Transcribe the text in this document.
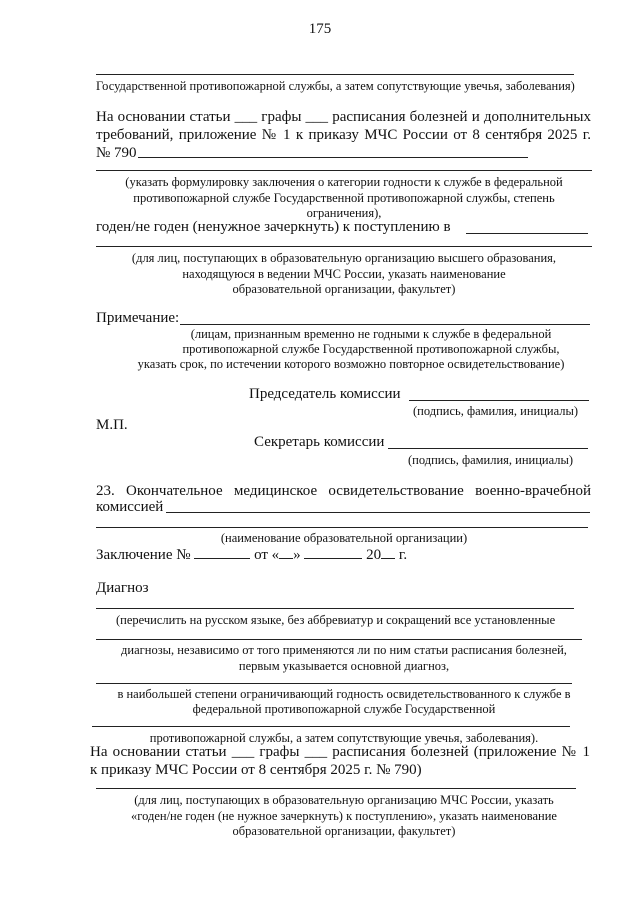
175
Государственной противопожарной службы, а затем сопутствующие увечья, заболевания)
На основании статьи ___ графы ___ расписания болезней и дополнительных
требований, приложение № 1 к приказу МЧС России от 8 сентября 2025 г.
№ 790
(указать формулировку заключения о категории годности к службе в федеральной
противопожарной службе Государственной противопожарной службы, степень
ограничения),
годен/не годен (ненужное зачеркнуть) к поступлению в
(для лиц, поступающих в образовательную организацию высшего образования,
находящуюся в ведении МЧС России, указать наименование
образовательной организации, факультет)
Примечание:
(лицам, признанным временно не годными к службе в федеральной
противопожарной службе Государственной противопожарной службы,
указать срок, по истечении которого возможно повторное освидетельствование)
Председатель комиссии
(подпись, фамилия, инициалы)
М.П.
Секретарь комиссии
(подпись, фамилия, инициалы)
23. Окончательное медицинское освидетельствование военно-врачебной
комиссией
(наименование образовательной организации)
Заключение №	от « »	20 г.
Диагноз
(перечислить на русском языке, без аббревиатур и сокращений все установленные
диагнозы, независимо от того применяются ли по ним статьи расписания болезней,
первым указывается основной диагноз,
в наибольшей степени ограничивающий годность освидетельствованного к службе в
федеральной противопожарной службе Государственной
противопожарной службы, а затем сопутствующие увечья, заболевания).
На основании статьи ___ графы ___ расписания болезней (приложение № 1
к приказу МЧС России от 8 сентября 2025 г. № 790)
(для лиц, поступающих в образовательную организацию МЧС России, указать
«годен/не годен (не нужное зачеркнуть) к поступлению», указать наименование
образовательной организации, факультет)
